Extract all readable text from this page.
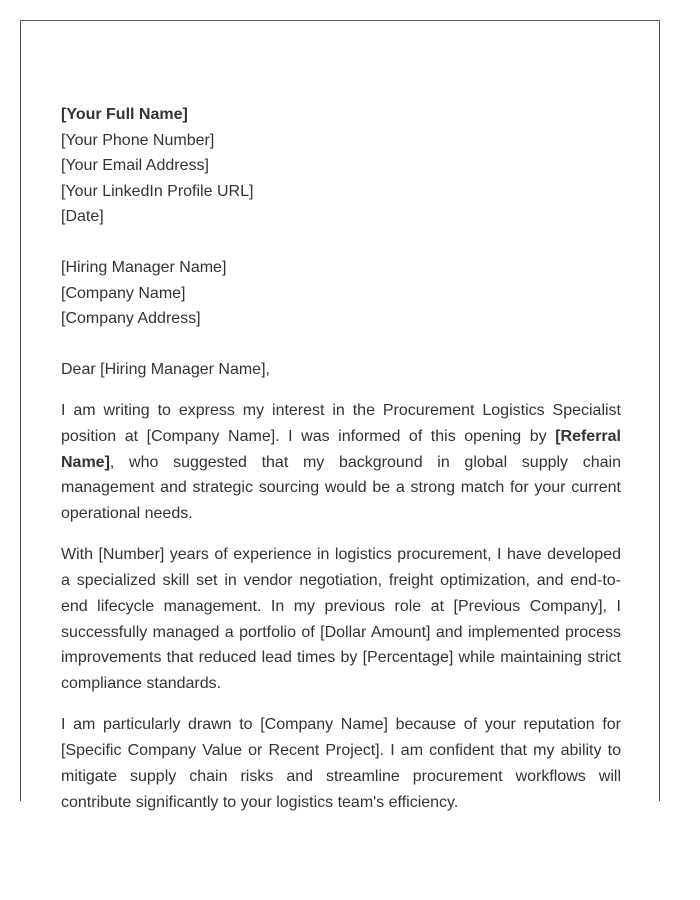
[Your Full Name]
[Your Phone Number]
[Your Email Address]
[Your LinkedIn Profile URL]
[Date]
[Hiring Manager Name]
[Company Name]
[Company Address]
Dear [Hiring Manager Name],

I am writing to express my interest in the Procurement Logistics Specialist position at [Company Name]. I was informed of this opening by [Referral Name], who suggested that my background in global supply chain management and strategic sourcing would be a strong match for your current operational needs.

With [Number] years of experience in logistics procurement, I have developed a specialized skill set in vendor negotiation, freight optimization, and end-to-end lifecycle management. In my previous role at [Previous Company], I successfully managed a portfolio of [Dollar Amount] and implemented process improvements that reduced lead times by [Percentage] while maintaining strict compliance standards.

I am particularly drawn to [Company Name] because of your reputation for [Specific Company Value or Recent Project]. I am confident that my ability to mitigate supply chain risks and streamline procurement workflows will contribute significantly to your logistics team's efficiency.
